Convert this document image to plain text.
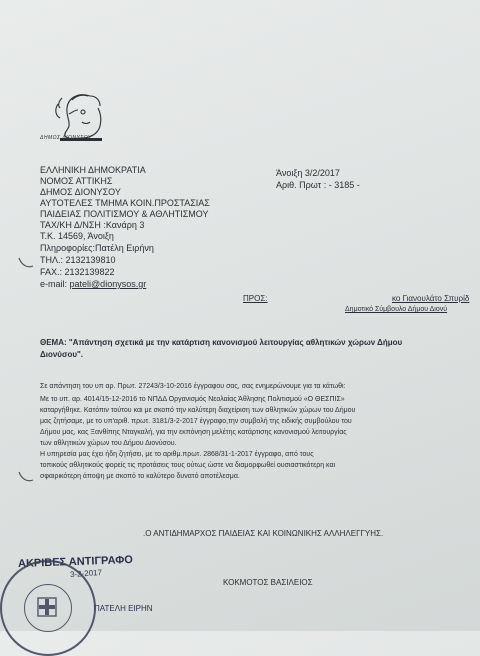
ΔΗΜΟΣ ΔΙΟΝΥΣΟΥ
ΕΛΛΗΝΙΚΗ ΔΗΜΟΚΡΑΤΙΑ
ΝΟΜΟΣ ΑΤΤΙΚΗΣ
ΔΗΜΟΣ ΔΙΟΝΥΣΟΥ
ΑΥΤΟΤΕΛΕΣ ΤΜΗΜΑ ΚΟΙΝ.ΠΡΟΣΤΑΣΙΑΣ
ΠΑΙΔΕΙΑΣ ΠΟΛΙΤΙΣΜΟΥ & ΑΘΛΗΤΙΣΜΟΥ
ΤΑΧ/ΚΗ Δ/ΝΣΗ :Κανάρη 3
Τ.Κ. 14569, Άνοιξη
Πληροφορίες:Πατέλη Ειρήνη
ΤΗΛ.: 2132139810
FAX.: 2132139822
e-mail: pateli@dionysos.gr
Άνοιξη 3/2/2017
Αριθ. Πρωτ : - 3185 -
ΠΡΟΣ:	κο Γιανουλάτο Σπυρίδ
Δημοτικό Σύμβουλο Δήμου Διονύ
ΘΕΜΑ: "Απάντηση σχετικά με την κατάρτιση κανονισμού λειτουργίας αθλητικών χώρων Δήμου
Διονύσου".
Σε απάντηση του υπ αρ. Πρωτ. 27243/3-10-2016 έγγραφου σας, σας ενημερώνουμε για τα κάτωθι:
Με το υπ. αρ. 4014/15-12-2016 το ΝΠΔΔ Οργανισμός Νεολαίας Άθλησης Πολιτισμού «Ο ΘΕΣΠΙΣ»
καταργήθηκε. Κατόπιν τούτου και με σκοπό την καλύτερη διαχείριση των αθλητικών χώρων του Δήμου
μας ζητήσαμε, με το υπ'αριθ. πρωτ. 3181/3-2-2017 έγγραφο,την συμβολή της ειδικής συμβούλου του
Δήμου μας, κας Ξανθίπης Νταγκαλή, για την εκπόνηση μελέτης κατάρτισης κανονισμού λειτουργίας
των αθλητικών χώρων του Δήμου Διονύσου.
Η υπηρεσία μας έχει ήδη ζητήσει, με το αριθμ.πρωτ. 2868/31-1-2017 έγγραφο, από τους
τοπικούς αθλητικούς φορείς τις προτάσεις τους ούτως ώστε να διαμορφωθεί ουσιαστικότερη και
σφαιρικότερη άποψη με σκοπό το καλύτερο δυνατό αποτέλεσμα.
.Ο ΑΝΤΙΔΗΜΑΡΧΟΣ ΠΑΙΔΕΙΑΣ ΚΑΙ ΚΟΙΝΩΝΙΚΗΣ ΑΛΛΗΛΕΓΓΥΗΣ.
ΚΟΚΜΟΤΟΣ ΒΑΣΙΛΕΙΟΣ
ΑΚΡΙΒΕΣ ΑΝΤΙΓΡΑΦΟ
3-2-2017
ΠΑΤΕΛΗ ΕΙΡΗΝ
